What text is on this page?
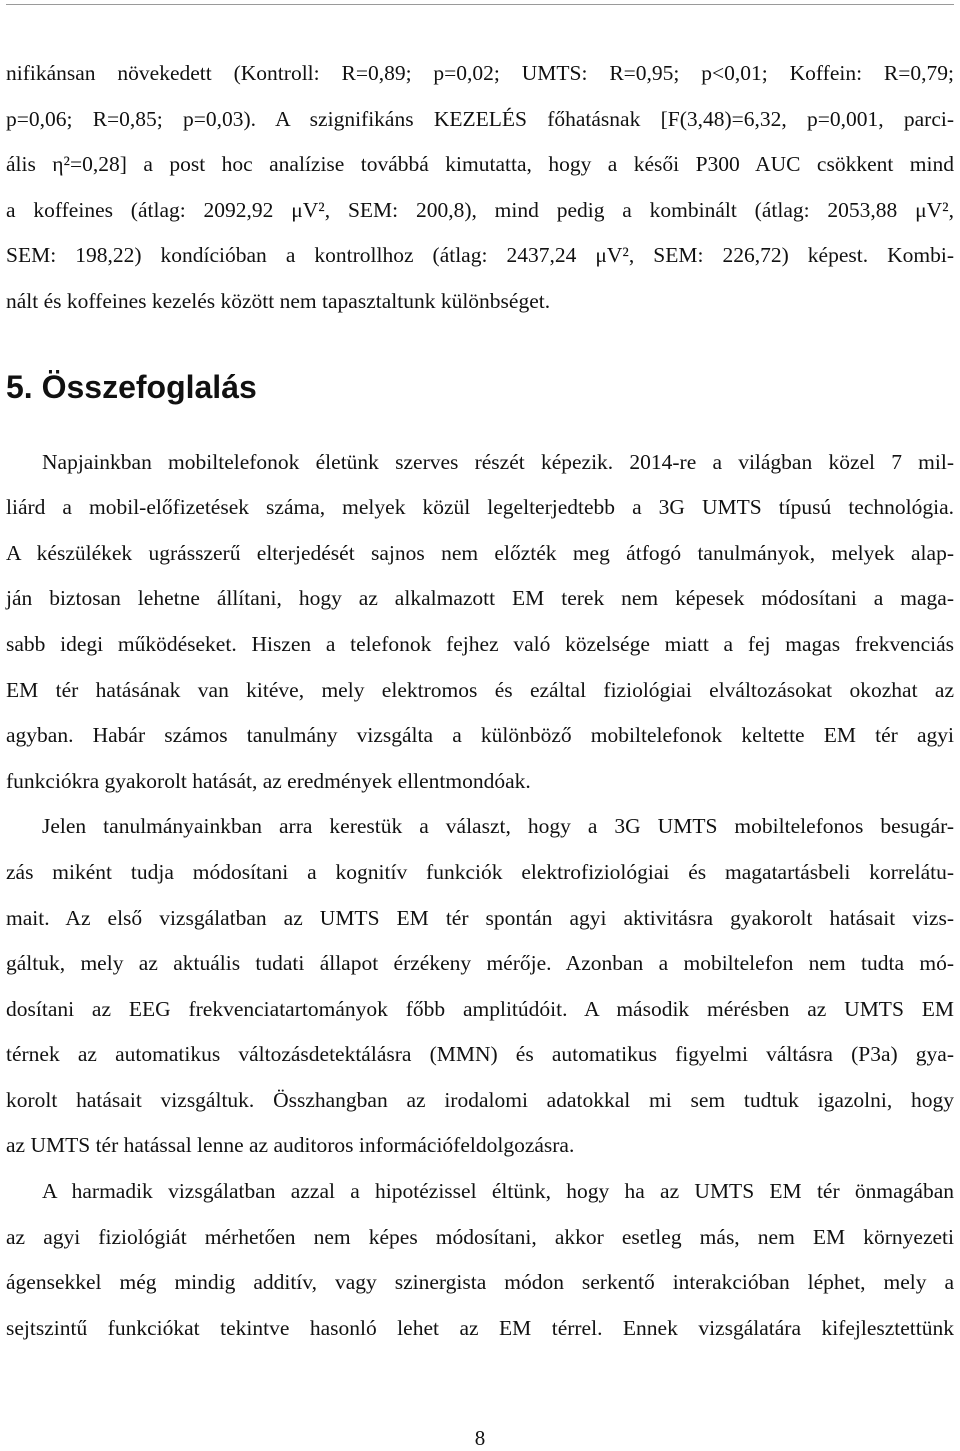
nifikánsan növekedett (Kontroll: R=0,89; p=0,02; UMTS: R=0,95; p<0,01; Koffein: R=0,79;
p=0,06; R=0,85; p=0,03). A szignifikáns KEZELÉS főhatásnak [F(3,48)=6,32, p=0,001, parci-
ális η²=0,28] a post hoc analízise továbbá kimutatta, hogy a késői P300 AUC csökkent mind
a koffeines (átlag: 2092,92 μV², SEM: 200,8), mind pedig a kombinált (átlag: 2053,88 μV²,
SEM: 198,22) kondícióban a kontrollhoz (átlag: 2437,24 μV², SEM: 226,72) képest. Kombi-
nált és koffeines kezelés között nem tapasztaltunk különbséget.
5. Összefoglalás
Napjainkban mobiltelefonok életünk szerves részét képezik. 2014-re a világban közel 7 mil-
liárd a mobil-előfizetések száma, melyek közül legelterjedtebb a 3G UMTS típusú technológia.
A készülékek ugrásszerű elterjedését sajnos nem előzték meg átfogó tanulmányok, melyek alap-
ján biztosan lehetne állítani, hogy az alkalmazott EM terek nem képesek módosítani a maga-
sabb idegi működéseket. Hiszen a telefonok fejhez való közelsége miatt a fej magas frekvenciás
EM tér hatásának van kitéve, mely elektromos és ezáltal fiziológiai elváltozásokat okozhat az
agyban. Habár számos tanulmány vizsgálta a különböző mobiltelefonok keltette EM tér agyi
funkciókra gyakorolt hatását, az eredmények ellentmondóak.
Jelen tanulmányainkban arra kerestük a választ, hogy a 3G UMTS mobiltelefonos besugár-
zás miként tudja módosítani a kognitív funkciók elektrofiziológiai és magatartásbeli korrelátu-
mait. Az első vizsgálatban az UMTS EM tér spontán agyi aktivitásra gyakorolt hatásait vizs-
gáltuk, mely az aktuális tudati állapot érzékeny mérője. Azonban a mobiltelefon nem tudta mó-
dosítani az EEG frekvenciatartományok főbb amplitúdóit. A második mérésben az UMTS EM
térnek az automatikus változásdetektálásra (MMN) és automatikus figyelmi váltásra (P3a) gya-
korolt hatásait vizsgáltuk. Összhangban az irodalomi adatokkal mi sem tudtuk igazolni, hogy
az UMTS tér hatással lenne az auditoros információfeldolgozásra.
A harmadik vizsgálatban azzal a hipotézissel éltünk, hogy ha az UMTS EM tér önmagában
az agyi fiziológiát mérhetően nem képes módosítani, akkor esetleg más, nem EM környezeti
ágensekkel még mindig additív, vagy szinergista módon serkentő interakcióban léphet, mely a
sejtszintű funkciókat tekintve hasonló lehet az EM térrel. Ennek vizsgálatára kifejlesztettünk
8
